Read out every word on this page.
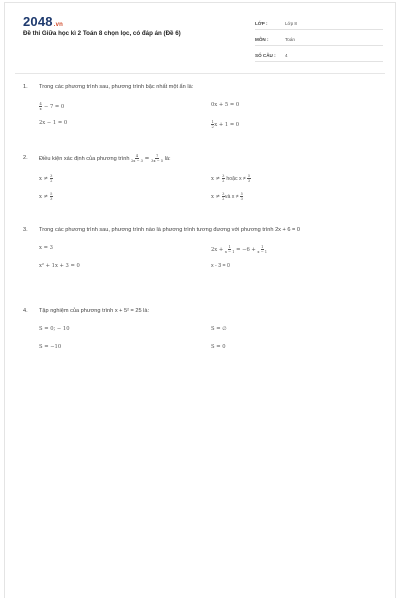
2048.vn
Đề thi Giữa học kì 2 Toán 8 chọn lọc, có đáp án (Đề 6)
LỚP :	Lớp 8
MÔN :	Toán
SỐ CÂU :	4
1.	Trong các phương trình sau, phương trình bậc nhất một ẩn là:
$\frac{4}{x} - 7 = 0$	0x + 5 = 0
2x − 1 = 0	$\frac{1}{2}$ x + 1 = 0
2.	Điều kiện xác định của phương trình $\frac{4}{2x - 3} = \frac{7}{3x - 5}$ là:
$x \ne \frac{3}{2}$	$x \ne \frac{3}{2}$ hoặc $x \ne \frac{5}{3}$
$x \ne \frac{5}{3}$	$x \ne \frac{3}{2}$ và $x \ne \frac{5}{3}$
3.	Trong các phương trình sau, phương trình nào là phương trình tương đương với phương trình 2x + 6 = 0
x = 3	$2x + \frac{1}{x - 1} = -6 + \frac{1}{x - 1}$
x² + 1x + 3 = 0	x - 3 = 0
4.	Tập nghiệm của phương trình x + 5² = 25 là:
S = 0; − 10	S = ∅
S = −10	S = 0
